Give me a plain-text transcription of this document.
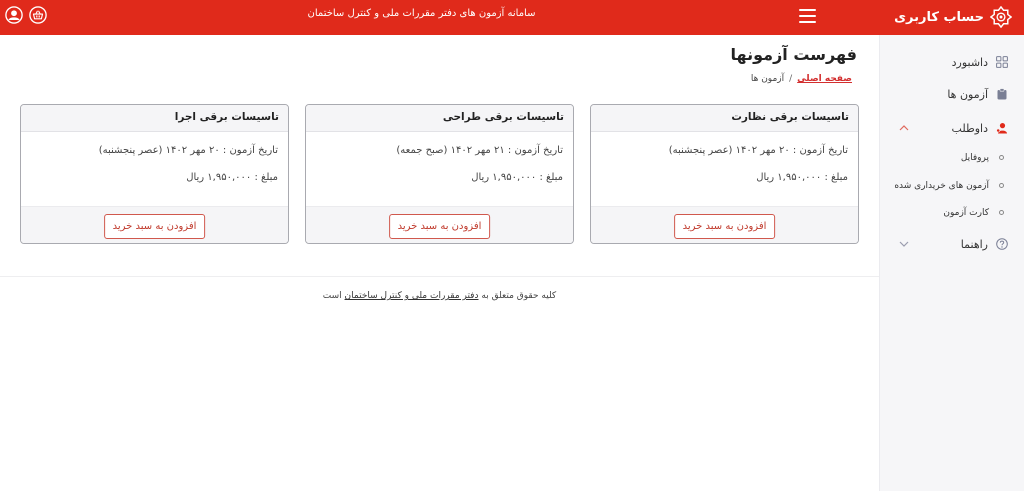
حساب کاربری
سامانه آزمون های دفتر مقررات ملی و کنترل ساختمان
داشبورد
آزمون ها
داوطلب
پروفایل
آزمون های خریداری شده
کارت آزمون
راهنما
فهرست آزمونها
صفحه اصلی
/
آزمون ها
تاسیسات برقی نظارت
تاریخ آزمون : ۲۰ مهر ۱۴۰۲ (عصر پنجشنبه)
مبلغ : ۱,۹۵۰,۰۰۰ ریال
افزودن به سبد خرید
تاسیسات برقی طراحی
تاریخ آزمون : ۲۱ مهر ۱۴۰۲ (صبح جمعه)
مبلغ : ۱,۹۵۰,۰۰۰ ریال
افزودن به سبد خرید
تاسیسات برقی اجرا
تاریخ آزمون : ۲۰ مهر ۱۴۰۲ (عصر پنجشنبه)
مبلغ : ۱,۹۵۰,۰۰۰ ریال
افزودن به سبد خرید
کلیه حقوق متعلق به دفتر مقررات ملی و کنترل ساختمان است
